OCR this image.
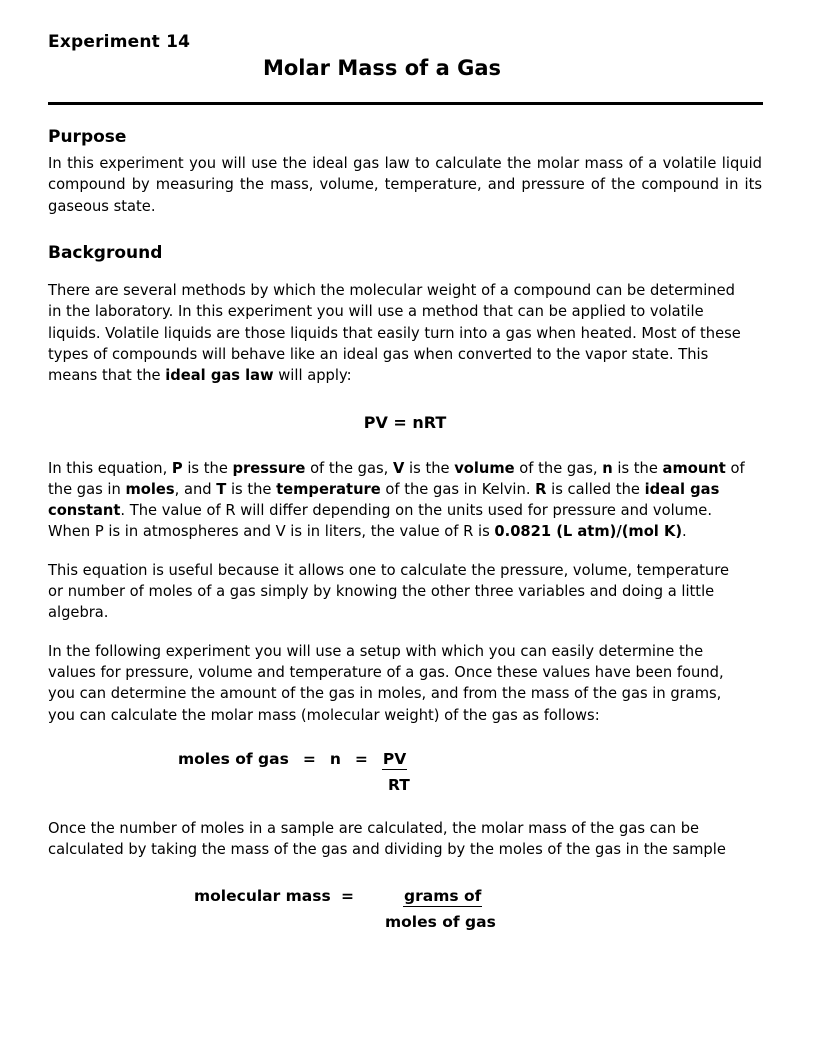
Experiment 14
Molar Mass of a Gas
Purpose

In this experiment you will use the ideal gas law to calculate the molar mass of a volatile liquid compound by measuring the mass, volume, temperature, and pressure of the compound in its gaseous state.

Background

There are several methods by which the molecular weight of a compound can be determined in the laboratory. In this experiment you will use a method that can be applied to volatile liquids. Volatile liquids are those liquids that easily turn into a gas when heated. Most of these types of compounds will behave like an ideal gas when converted to the vapor state. This means that the ideal gas law will apply:

PV = nRT

In this equation, P is the pressure of the gas, V is the volume of the gas, n is the amount of the gas in moles, and T is the temperature of the gas in Kelvin. R is called the ideal gas constant. The value of R will differ depending on the units used for pressure and volume. When P is in atmospheres and V is in liters, the value of R is 0.0821 (L atm)/(mol K).

This equation is useful because it allows one to calculate the pressure, volume, temperature or number of moles of a gas simply by knowing the other three variables and doing a little algebra.

In the following experiment you will use a setup with which you can easily determine the values for pressure, volume and temperature of a gas. Once these values have been found, you can determine the amount of the gas in moles, and from the mass of the gas in grams, you can calculate the molar mass (molecular weight) of the gas as follows:

moles of gas = n = PV
RT

Once the number of moles in a sample are calculated, the molar mass of the gas can be calculated by taking the mass of the gas and dividing by the moles of the gas in the sample

molecular mass =	grams of
moles of gas
